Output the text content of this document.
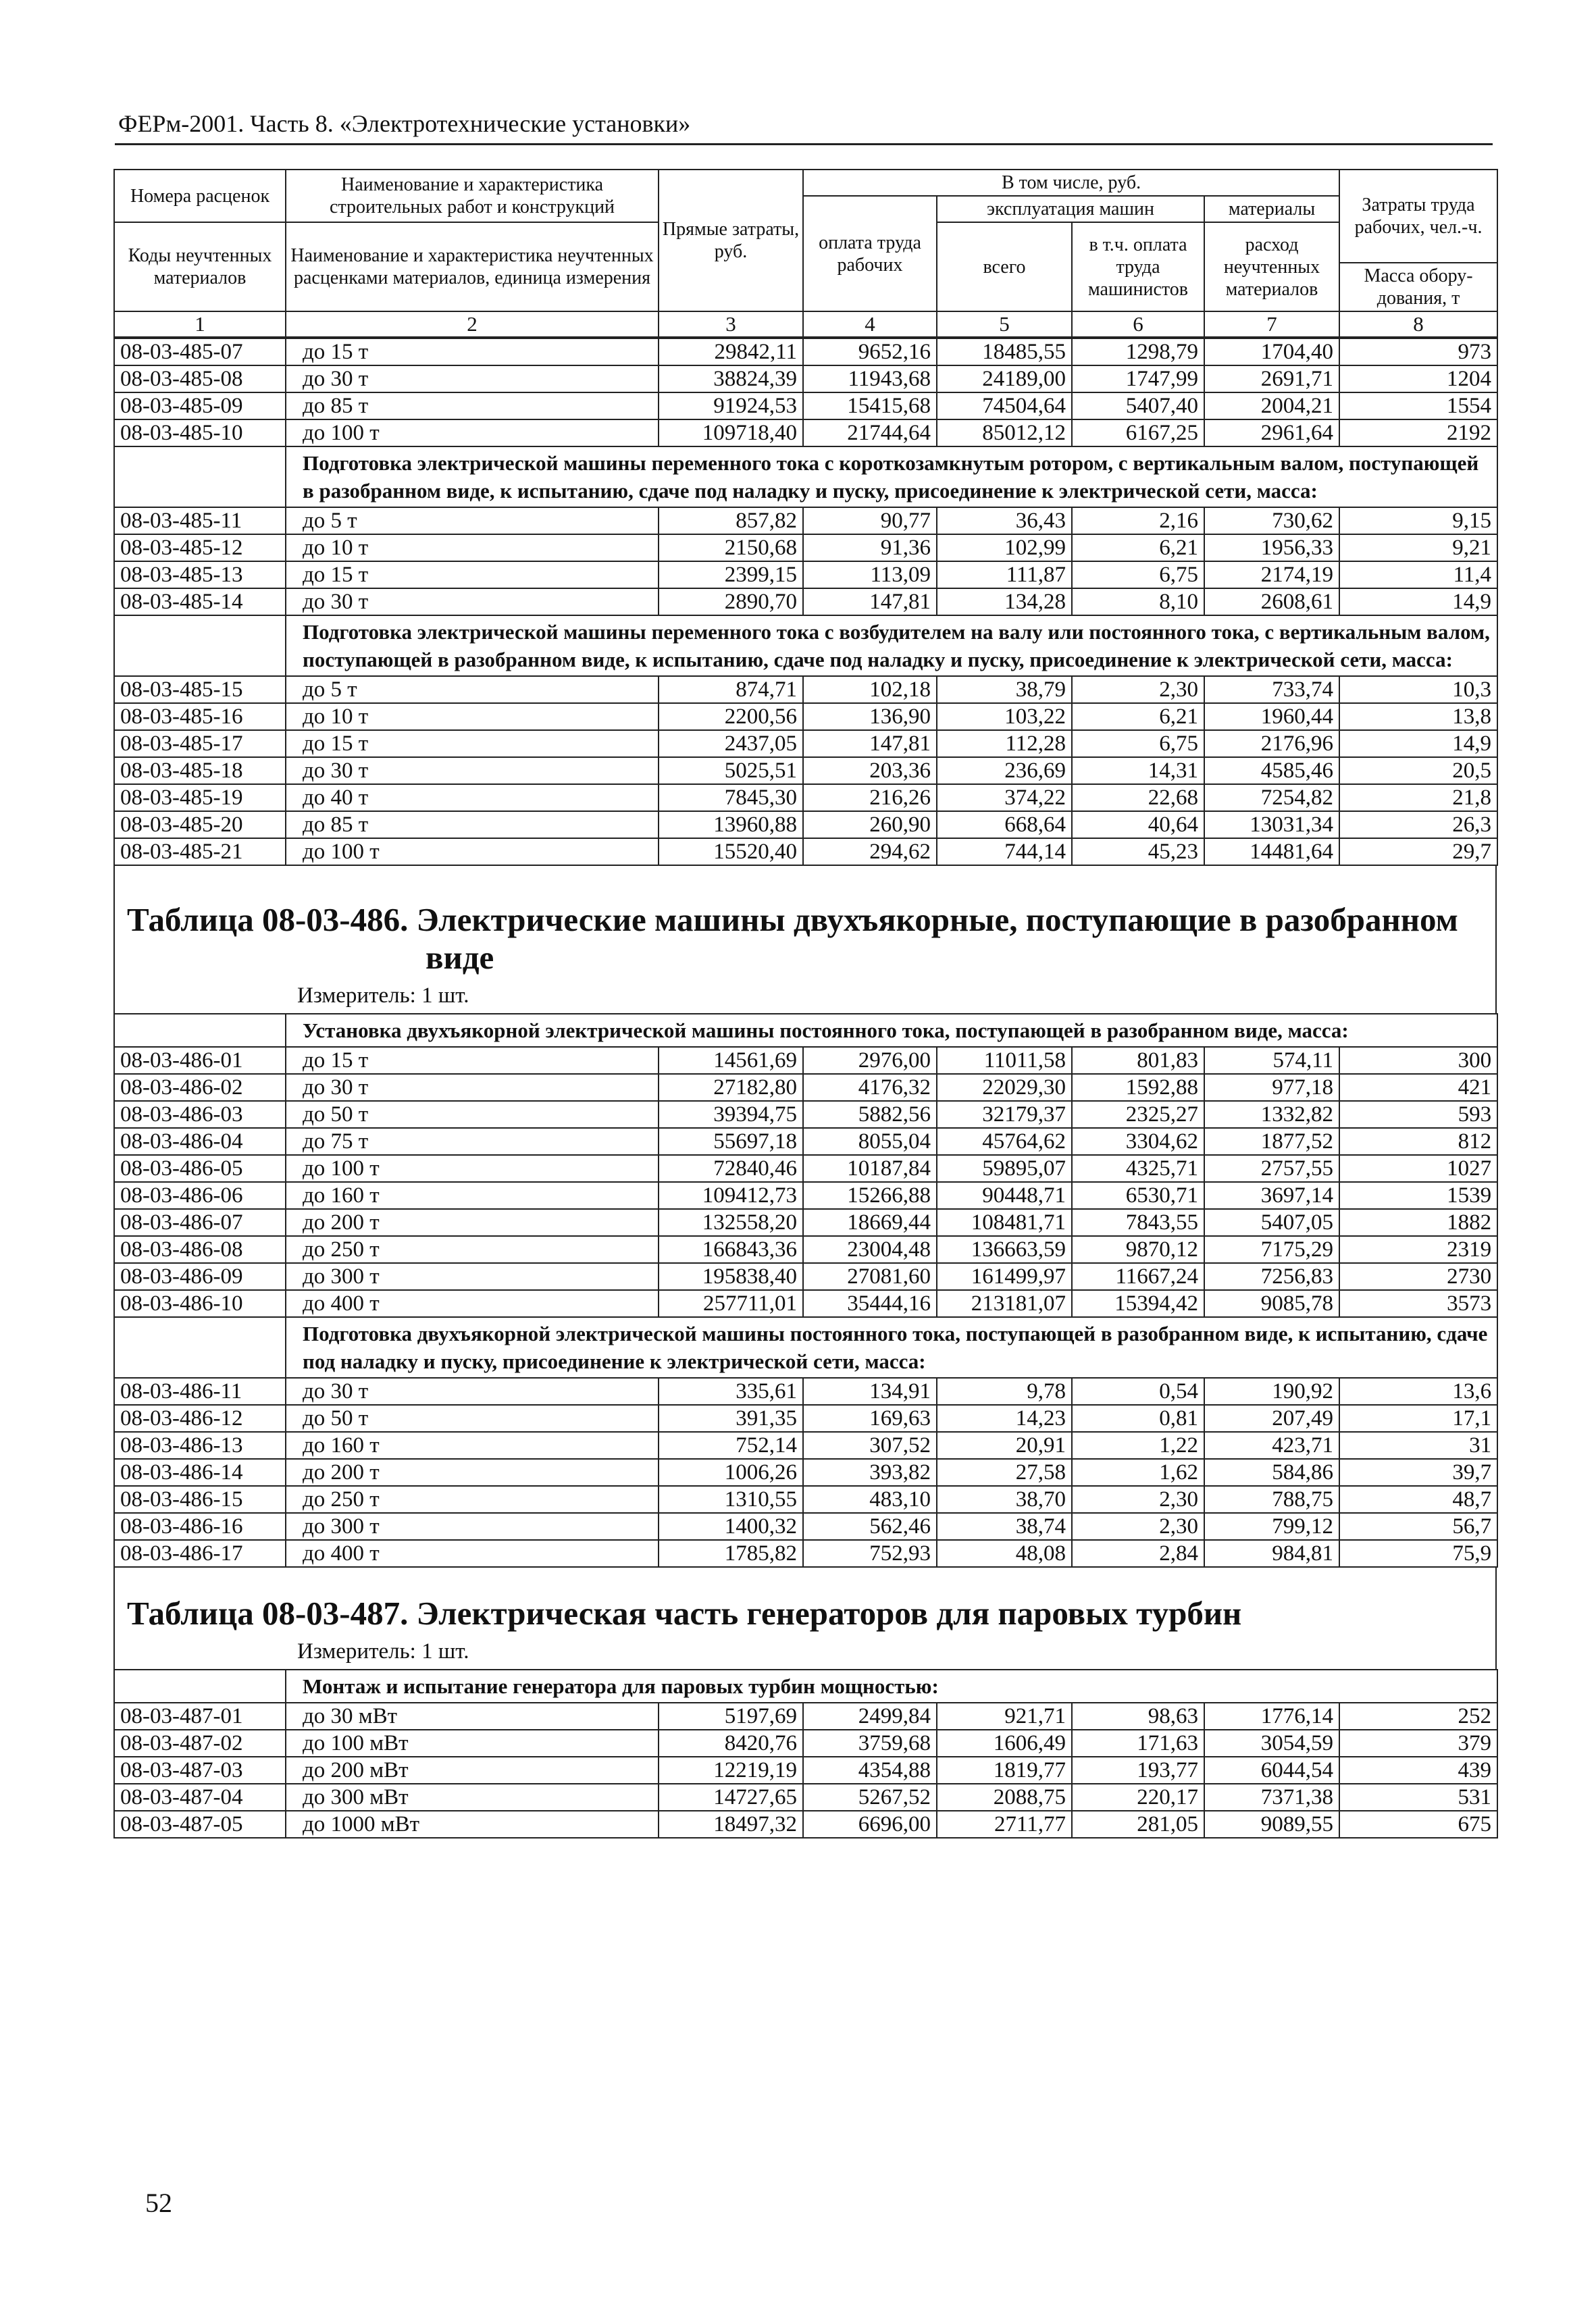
ФЕРм-2001. Часть 8. «Электротехнические установки»
Номера расценок	Наименование и характеристика строительных работ и конструкций	Прямые затраты, руб.	В том числе, руб.				Затраты труда рабочих, чел.-ч.
			оплата труда рабочих	эксплуатация машин		материалы	
Коды неучтенных материалов	Наименование и характеристика неучтенных расценками материалов, единица измерения			всего	в т.ч. оплата труда машинистов	расход неучтенных материалов	
							Масса обору-дования, т
1	2	3	4	5	6	7	8
08-03-485-07	до 15 т	29842,11	9652,16	18485,55	1298,79	1704,40	973
08-03-485-08	до 30 т	38824,39	11943,68	24189,00	1747,99	2691,71	1204
08-03-485-09	до 85 т	91924,53	15415,68	74504,64	5407,40	2004,21	1554
08-03-485-10	до 100 т	109718,40	21744,64	85012,12	6167,25	2961,64	2192
	Подготовка электрической машины переменного тока с короткозамкнутым ротором, с вертикальным валом, поступающей в разобранном виде, к испытанию, сдаче под наладку и пуску, присоединение к электрической сети, масса:						
08-03-485-11	до 5 т	857,82	90,77	36,43	2,16	730,62	9,15
08-03-485-12	до 10 т	2150,68	91,36	102,99	6,21	1956,33	9,21
08-03-485-13	до 15 т	2399,15	113,09	111,87	6,75	2174,19	11,4
08-03-485-14	до 30 т	2890,70	147,81	134,28	8,10	2608,61	14,9
	Подготовка электрической машины переменного тока с возбудителем на валу или постоянного тока, с вертикальным валом, поступающей в разобранном виде, к испытанию, сдаче под наладку и пуску, присоединение к электрической сети, масса:						
08-03-485-15	до 5 т	874,71	102,18	38,79	2,30	733,74	10,3
08-03-485-16	до 10 т	2200,56	136,90	103,22	6,21	1960,44	13,8
08-03-485-17	до 15 т	2437,05	147,81	112,28	6,75	2176,96	14,9
08-03-485-18	до 30 т	5025,51	203,36	236,69	14,31	4585,46	20,5
08-03-485-19	до 40 т	7845,30	216,26	374,22	22,68	7254,82	21,8
08-03-485-20	до 85 т	13960,88	260,90	668,64	40,64	13031,34	26,3
08-03-485-21	до 100 т	15520,40	294,62	744,14	45,23	14481,64	29,7
Таблица 08-03-486. Электрические машины двухъякорные, поступающие в разобранном
виде
Измеритель: 1 шт.
	Установка двухъякорной электрической машины постоянного тока, поступающей в разобранном виде, масса:						
08-03-486-01	до 15 т	14561,69	2976,00	11011,58	801,83	574,11	300
08-03-486-02	до 30 т	27182,80	4176,32	22029,30	1592,88	977,18	421
08-03-486-03	до 50 т	39394,75	5882,56	32179,37	2325,27	1332,82	593
08-03-486-04	до 75 т	55697,18	8055,04	45764,62	3304,62	1877,52	812
08-03-486-05	до 100 т	72840,46	10187,84	59895,07	4325,71	2757,55	1027
08-03-486-06	до 160 т	109412,73	15266,88	90448,71	6530,71	3697,14	1539
08-03-486-07	до 200 т	132558,20	18669,44	108481,71	7843,55	5407,05	1882
08-03-486-08	до 250 т	166843,36	23004,48	136663,59	9870,12	7175,29	2319
08-03-486-09	до 300 т	195838,40	27081,60	161499,97	11667,24	7256,83	2730
08-03-486-10	до 400 т	257711,01	35444,16	213181,07	15394,42	9085,78	3573
	Подготовка двухъякорной электрической машины постоянного тока, поступающей в разобранном виде, к испытанию, сдаче под наладку и пуску, присоединение к электрической сети, масса:						
08-03-486-11	до 30 т	335,61	134,91	9,78	0,54	190,92	13,6
08-03-486-12	до 50 т	391,35	169,63	14,23	0,81	207,49	17,1
08-03-486-13	до 160 т	752,14	307,52	20,91	1,22	423,71	31
08-03-486-14	до 200 т	1006,26	393,82	27,58	1,62	584,86	39,7
08-03-486-15	до 250 т	1310,55	483,10	38,70	2,30	788,75	48,7
08-03-486-16	до 300 т	1400,32	562,46	38,74	2,30	799,12	56,7
08-03-486-17	до 400 т	1785,82	752,93	48,08	2,84	984,81	75,9
Таблица 08-03-487. Электрическая часть генераторов для паровых турбин
Измеритель: 1 шт.
	Монтаж и испытание генератора для паровых турбин мощностью:						
08-03-487-01	до 30 мВт	5197,69	2499,84	921,71	98,63	1776,14	252
08-03-487-02	до 100 мВт	8420,76	3759,68	1606,49	171,63	3054,59	379
08-03-487-03	до 200 мВт	12219,19	4354,88	1819,77	193,77	6044,54	439
08-03-487-04	до 300 мВт	14727,65	5267,52	2088,75	220,17	7371,38	531
08-03-487-05	до 1000 мВт	18497,32	6696,00	2711,77	281,05	9089,55	675
52
